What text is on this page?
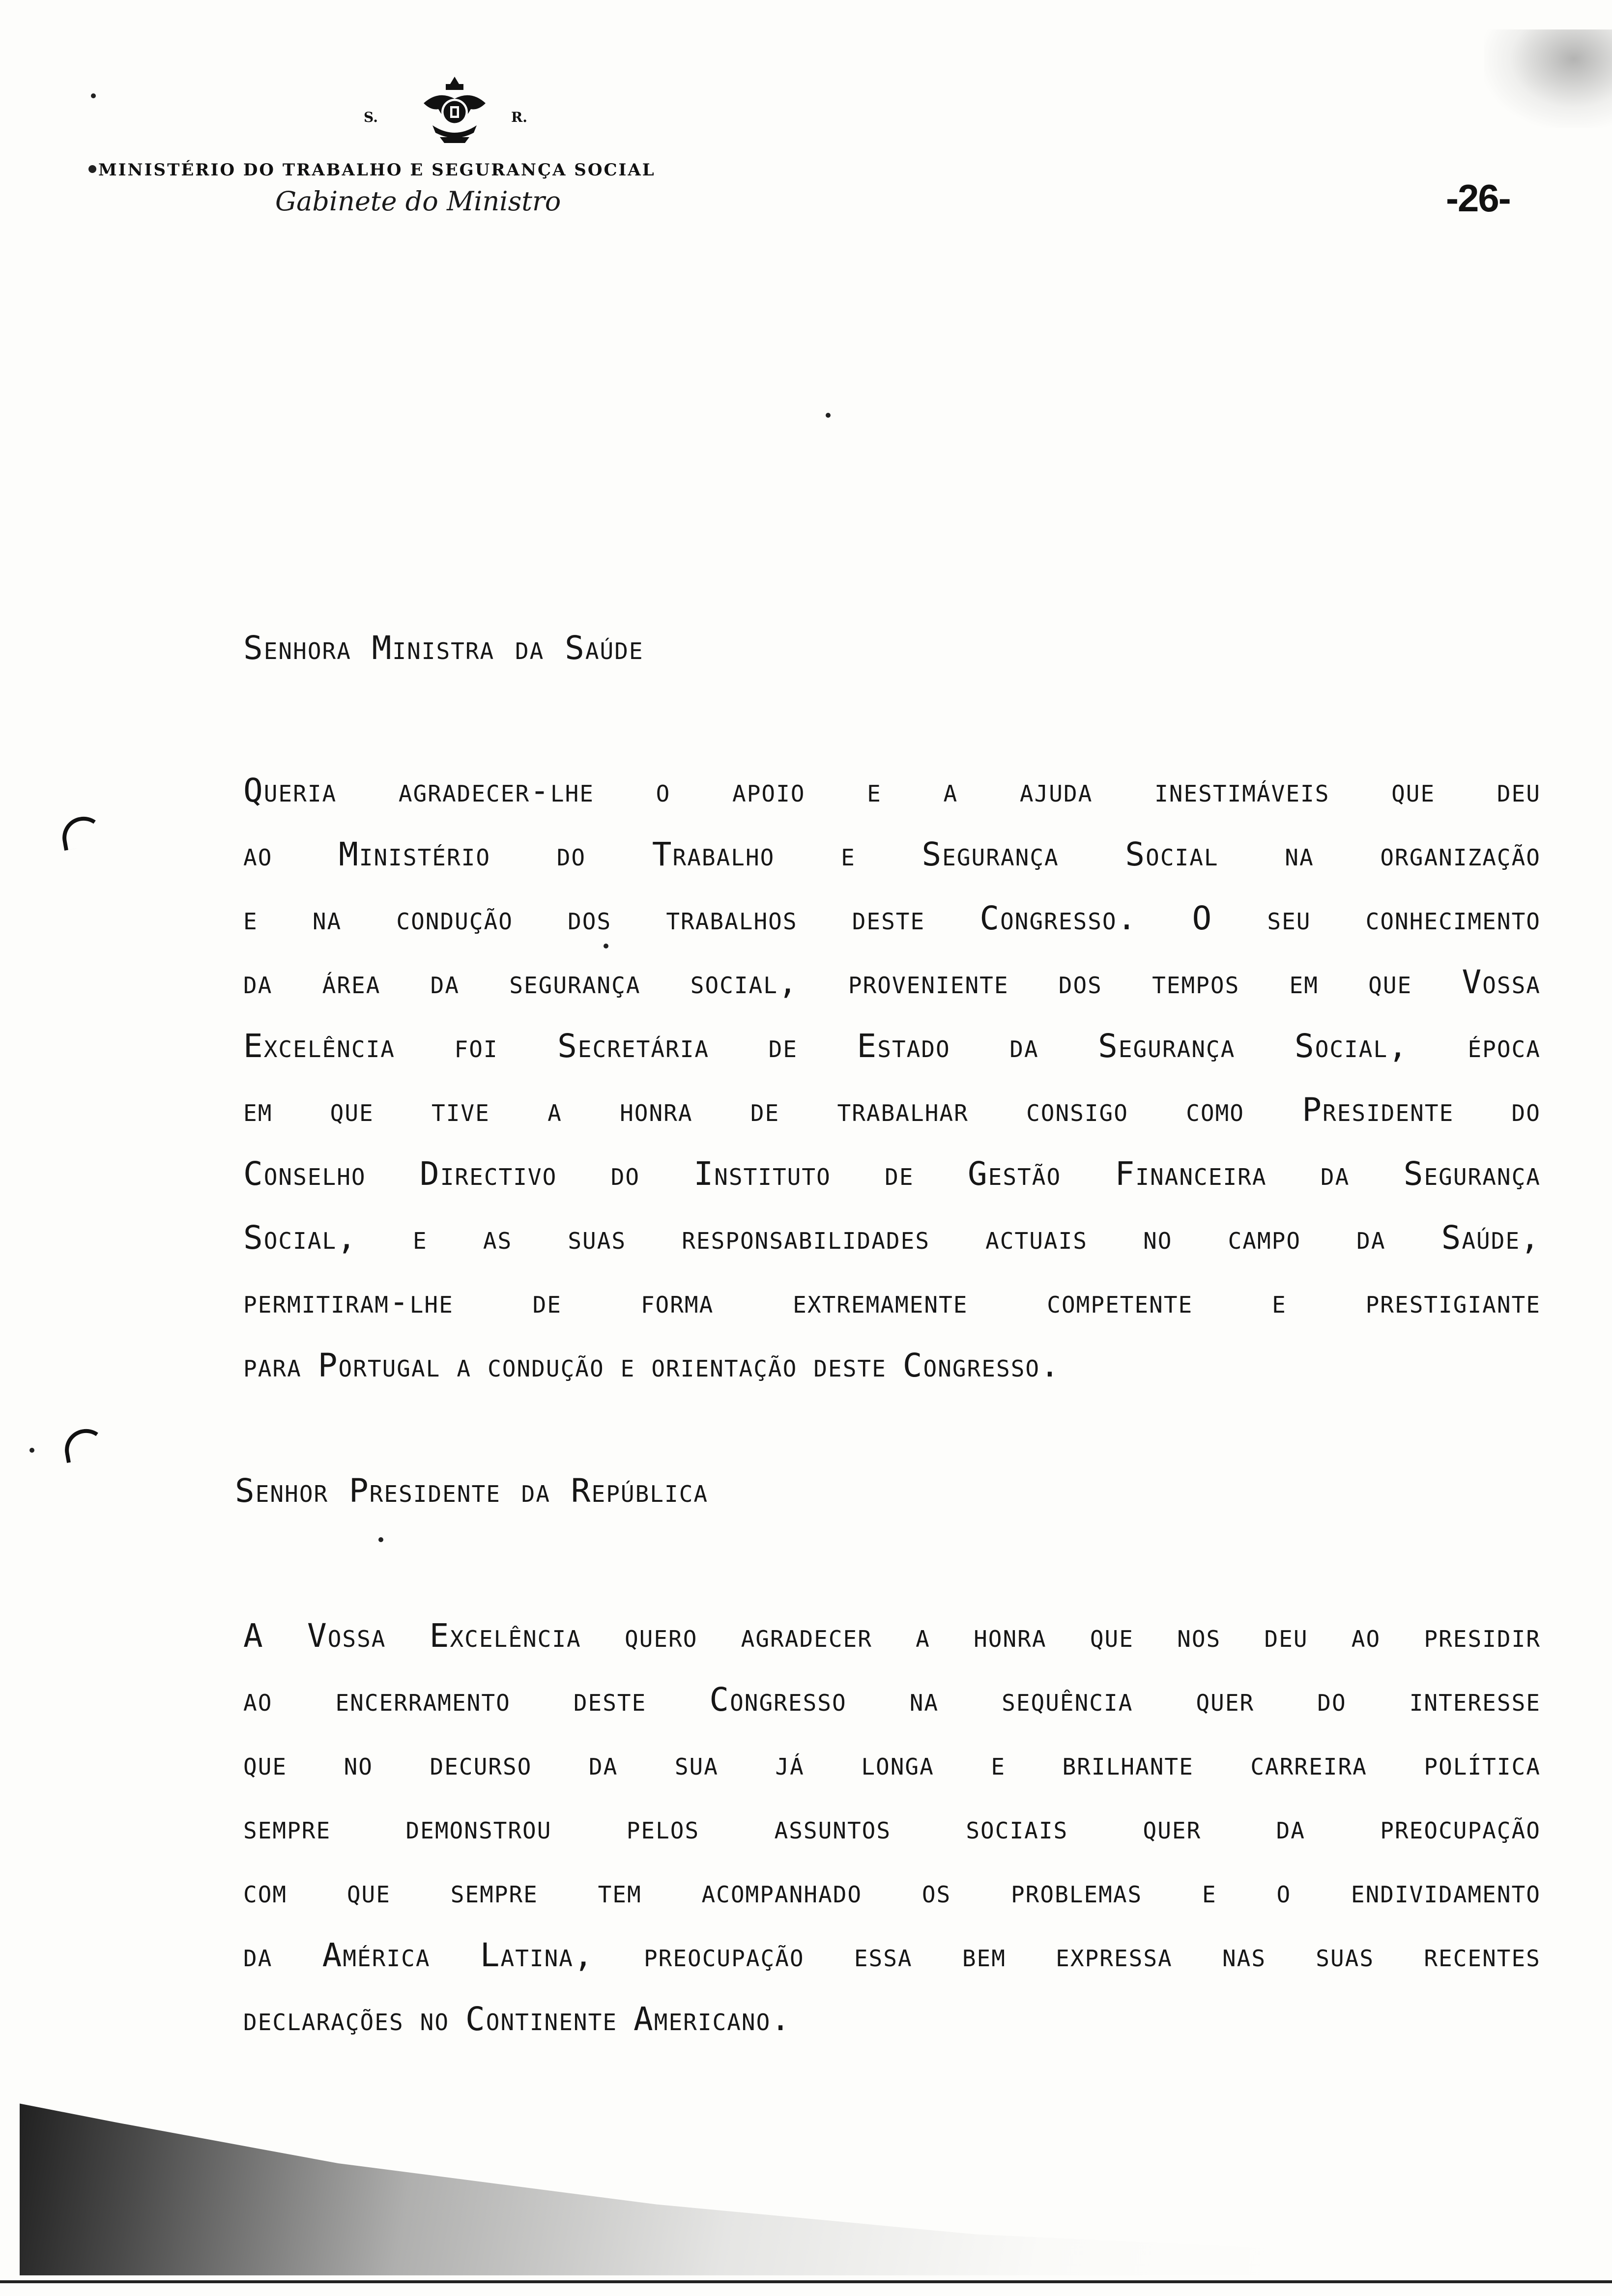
S.	R.
MINISTÉRIO DO TRABALHO E SEGURANÇA SOCIAL
Gabinete do Ministro	-26-
Senhora Ministra da Saúde
Queria agradecer-lhe o apoio e a ajuda inestimáveis que deu
ao Ministério do Trabalho e Segurança Social na organização
e na condução dos trabalhos deste Congresso. O seu conhecimento
da área da segurança social, proveniente dos tempos em que Vossa
Excelência foi Secretária de Estado da Segurança Social, época
em que tive a honra de trabalhar consigo como Presidente do
Conselho Directivo do Instituto de Gestão Financeira da Segurança
Social, e as suas responsabilidades actuais no campo da Saúde,
permitiram-lhe de forma extremamente competente e prestigiante
para Portugal a condução e orientação deste Congresso.
Senhor Presidente da República
A Vossa Excelência quero agradecer a honra que nos deu ao presidir
ao encerramento deste Congresso na sequência quer do interesse
que no decurso da sua já longa e brilhante carreira política
sempre demonstrou pelos assuntos sociais quer da preocupação
com que sempre tem acompanhado os problemas e o endividamento
da América Latina, preocupação essa bem expressa nas suas recentes
declarações no Continente Americano.
